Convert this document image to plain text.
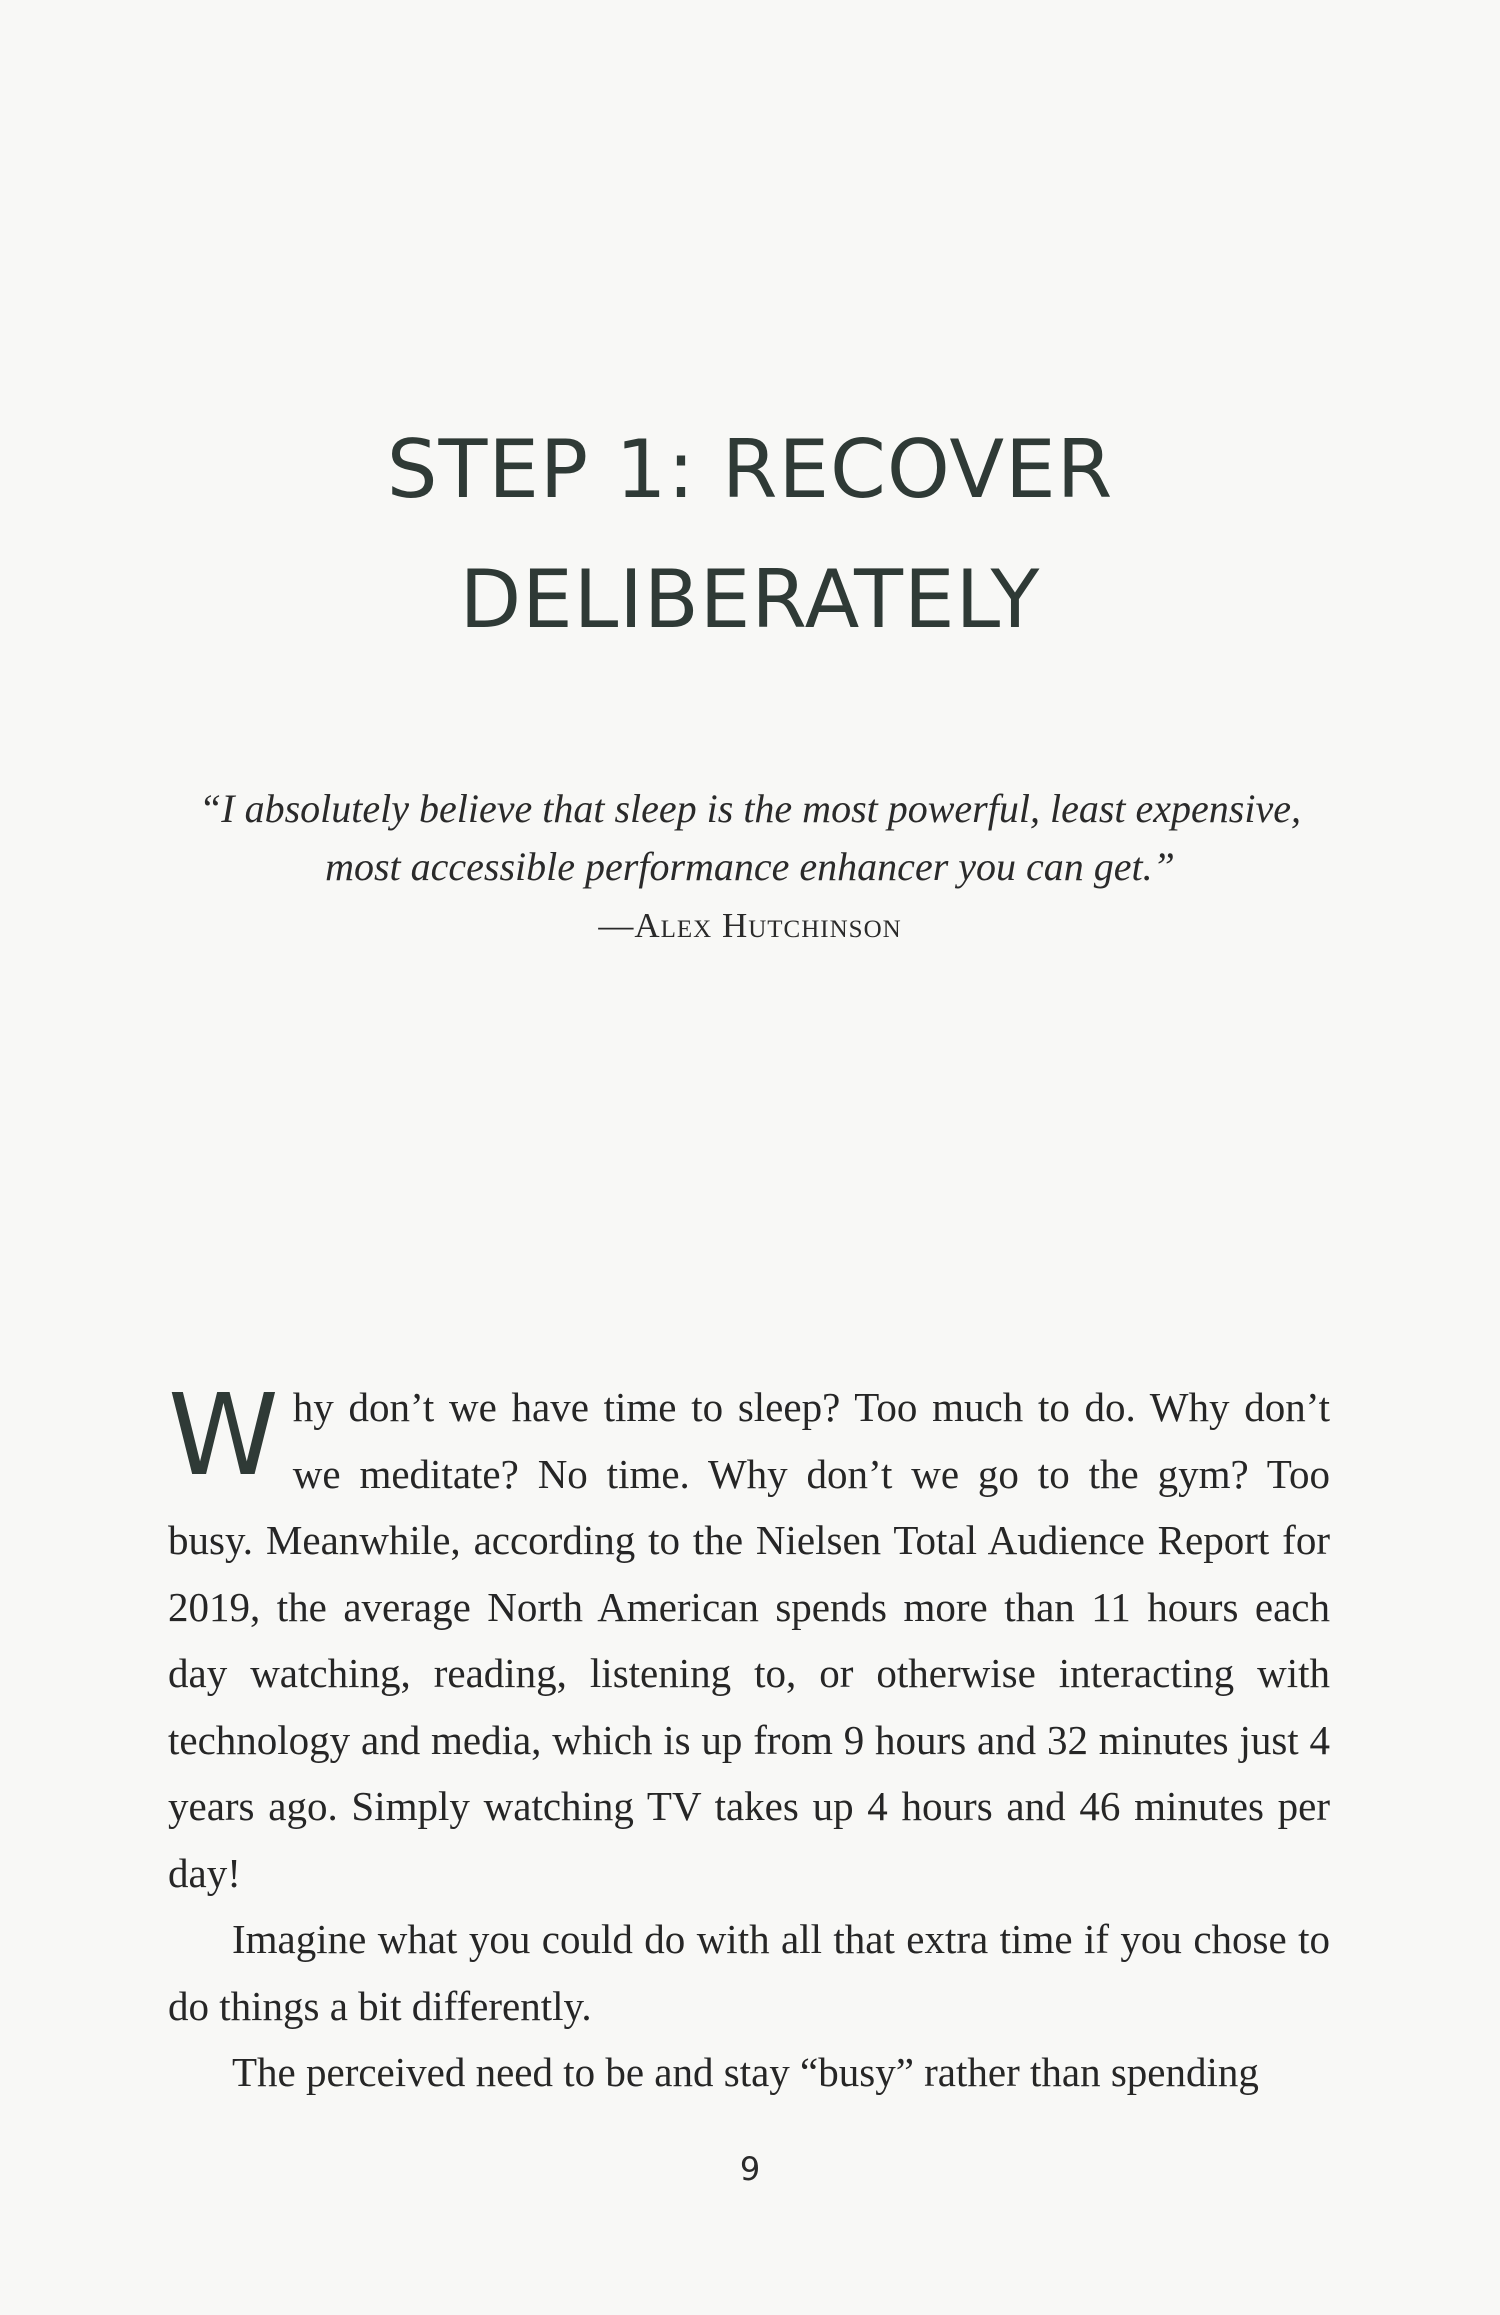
STEP 1: RECOVER
DELIBERATELY

“I absolutely believe that sleep is the most powerful, least expensive,
most accessible performance enhancer you can get.”

—Alex Hutchinson

Why don’t we have time to sleep? Too much to do. Why don’t we meditate? No time. Why don’t we go to the gym? Too busy. Meanwhile, according to the Nielsen Total Audience Report for 2019, the average North American spends more than 11 hours each day watching, reading, listening to, or otherwise interacting with technology and media, which is up from 9 hours and 32 minutes just 4 years ago. Simply watching TV takes up 4 hours and 46 minutes per day!

Imagine what you could do with all that extra time if you chose to do things a bit differently.

The perceived need to be and stay “busy” rather than spending

9
